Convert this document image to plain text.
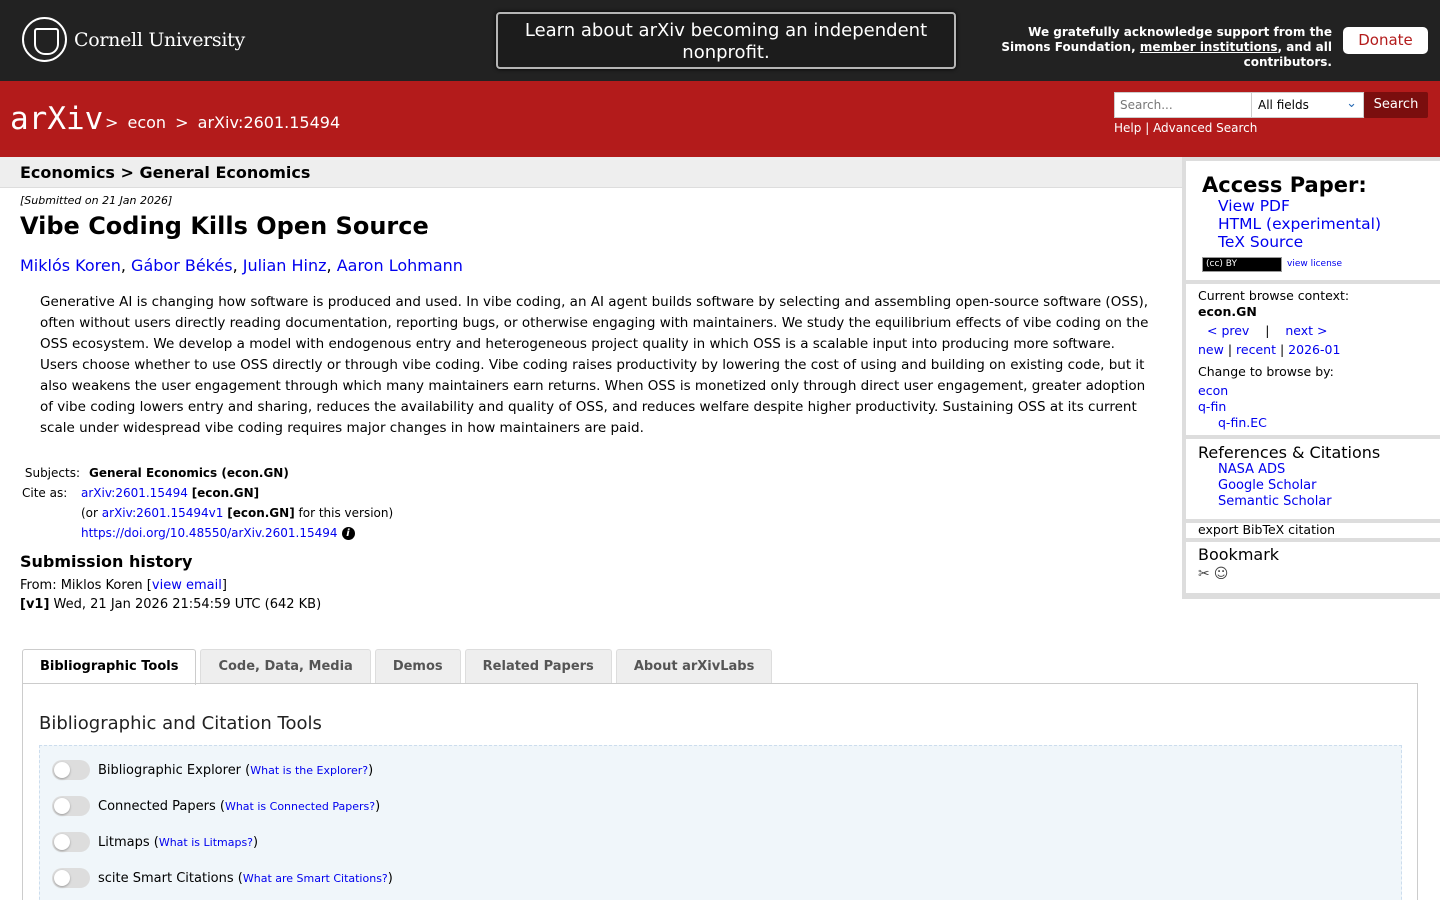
Cornell University	Learn about arXiv becoming an independent nonprofit.
We gratefully acknowledge support from the Simons Foundation, member institutions, and all contributors.
Donate
arXiv > econ > arXiv:2601.15494
Search...	All fields	⌄	Search
Help | Advanced Search
Economics > General Economics
[Submitted on 21 Jan 2026]
Vibe Coding Kills Open Source
Miklós Koren, Gábor Békés, Julian Hinz, Aaron Lohmann
Generative AI is changing how software is produced and used. In vibe coding, an AI agent builds software by selecting and assembling open-source software (OSS), often without users directly reading documentation, reporting bugs, or otherwise engaging with maintainers. We study the equilibrium effects of vibe coding on the OSS ecosystem. We develop a model with endogenous entry and heterogeneous project quality in which OSS is a scalable input into producing more software. Users choose whether to use OSS directly or through vibe coding. Vibe coding raises productivity by lowering the cost of using and building on existing code, but it also weakens the user engagement through which many maintainers earn returns. When OSS is monetized only through direct user engagement, greater adoption of vibe coding lowers entry and sharing, reduces the availability and quality of OSS, and reduces welfare despite higher productivity. Sustaining OSS at its current scale under widespread vibe coding requires major changes in how maintainers are paid.
Subjects: General Economics (econ.GN)
Cite as:	arXiv:2601.15494 [econ.GN]
(or
arXiv:2601.15494v1
[econ.GN]
for this version)
https://doi.org/10.48550/arXiv.2601.15494 i
Submission history
From: Miklos Koren [view email]
[v1] Wed, 21 Jan 2026 21:54:59 UTC (642 KB)
Bibliographic Tools	Code, Data, Media	Demos	Related Papers	About arXivLabs
Bibliographic and Citation Tools
Bibliographic Explorer ( What is the Explorer? )
Connected Papers ( What is Connected Papers? )
Litmaps ( What is Litmaps? )
scite Smart Citations ( What are Smart Citations? )
Access Paper:
View PDF
HTML (experimental)
TeX Source
(cc) BY	view license
Current browse context:
econ.GN
< prev | next >
new | recent | 2026-01
Change to browse by:
econ
q-fin
q-fin.EC
References & Citations
NASA ADS
Google Scholar
Semantic Scholar
export BibTeX citation
Bookmark
✂ ☺
